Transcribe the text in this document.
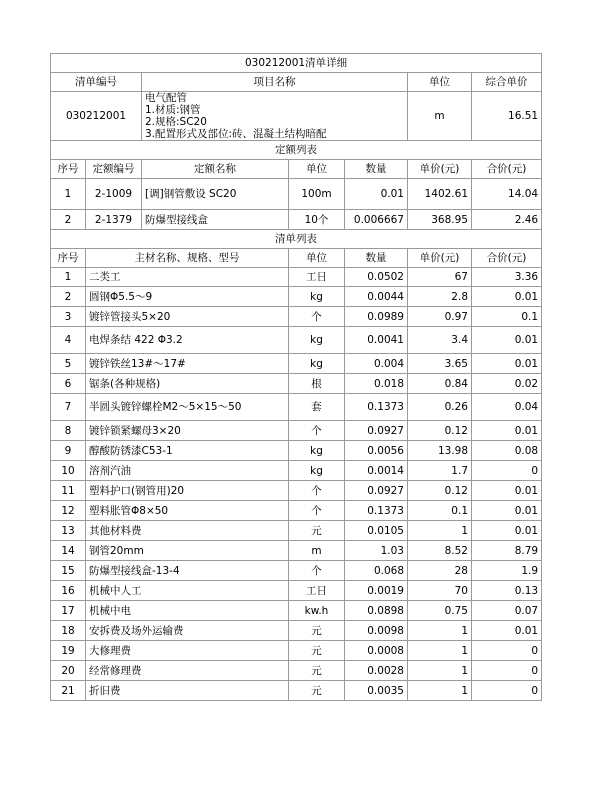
030212001清单详细						
清单编号		项目名称			单位	综合单价
030212001		电气配管
1.材质:钢管
2.规格:SC20
3.配置形式及部位:砖、混凝土结构暗配			m	16.51
定额列表						
序号	定额编号	定额名称	单位	数量	单价(元)	合价(元)
1	2-1009	[调]钢管敷设 SC20	100m	0.01	1402.61	14.04
2	2-1379	防爆型接线盒	10个	0.006667	368.95	2.46
清单列表						
序号	主材名称、规格、型号		单位	数量	单价(元)	合价(元)
1	二类工		工日	0.0502	67	3.36
2	圆钢Φ5.5～9		kg	0.0044	2.8	0.01
3	镀锌管接头5×20		个	0.0989	0.97	0.1
4	电焊条结 422 Φ3.2		kg	0.0041	3.4	0.01
5	镀锌铁丝13#～17#		kg	0.004	3.65	0.01
6	锯条(各种规格)		根	0.018	0.84	0.02
7	半圆头镀锌螺栓M2～5×15～50		套	0.1373	0.26	0.04
8	镀锌锁紧螺母3×20		个	0.0927	0.12	0.01
9	醇酸防锈漆C53-1		kg	0.0056	13.98	0.08
10	溶剂汽油		kg	0.0014	1.7	0
11	塑料护口(钢管用)20		个	0.0927	0.12	0.01
12	塑料胀管Φ8×50		个	0.1373	0.1	0.01
13	其他材料费		元	0.0105	1	0.01
14	钢管20mm		m	1.03	8.52	8.79
15	防爆型接线盒-13-4		个	0.068	28	1.9
16	机械中人工		工日	0.0019	70	0.13
17	机械中电		kw.h	0.0898	0.75	0.07
18	安拆费及场外运输费		元	0.0098	1	0.01
19	大修理费		元	0.0008	1	0
20	经常修理费		元	0.0028	1	0
21	折旧费		元	0.0035	1	0
